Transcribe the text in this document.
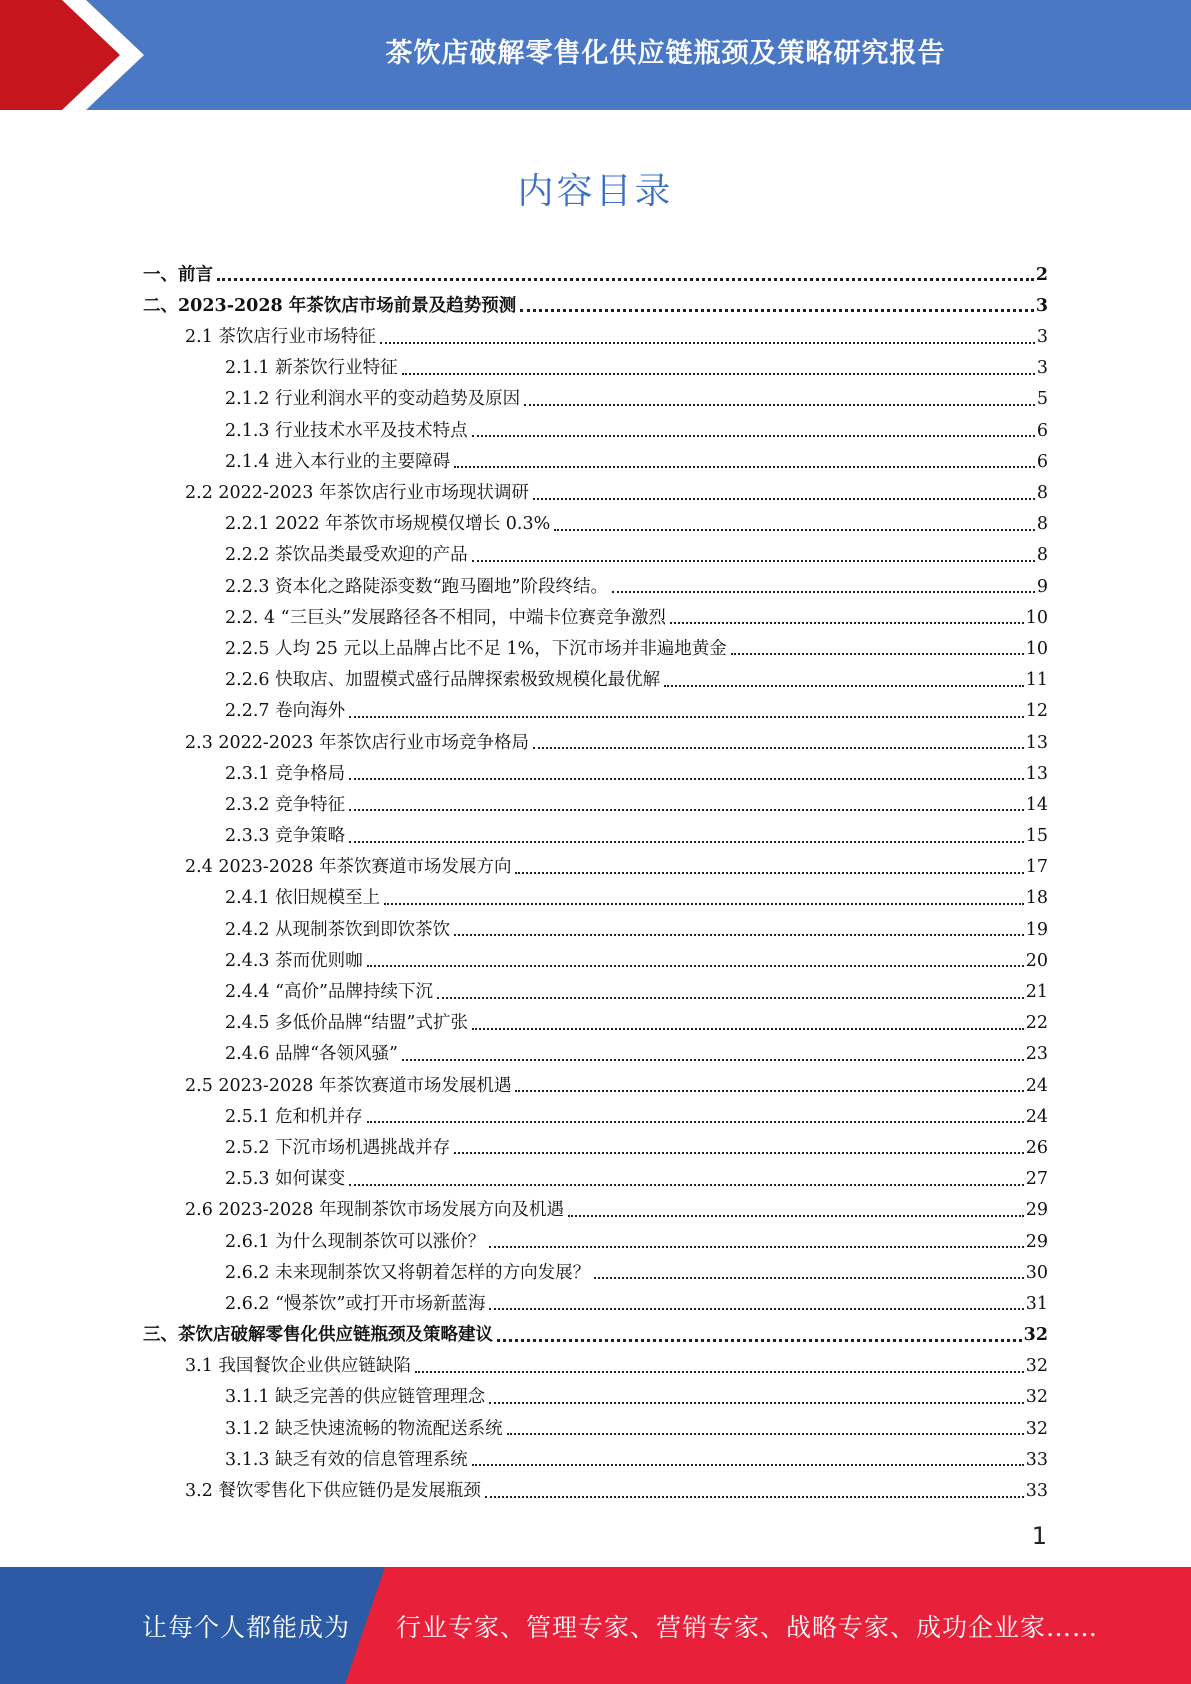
茶饮店破解零售化供应链瓶颈及策略研究报告
内容目录
一、前言	2
二、2023-2028 年茶饮店市场前景及趋势预测	3
2.1 茶饮店行业市场特征	3
2.1.1 新茶饮行业特征	3
2.1.2 行业利润水平的变动趋势及原因	5
2.1.3 行业技术水平及技术特点	6
2.1.4 进入本行业的主要障碍	6
2.2 2022-2023 年茶饮店行业市场现状调研	8
2.2.1 2022 年茶饮市场规模仅增长 0.3%	8
2.2.2 茶饮品类最受欢迎的产品	8
2.2.3 资本化之路陡添变数“跑马圈地”阶段终结。	9
2.2. 4 “三巨头”发展路径各不相同，中端卡位赛竞争激烈	10
2.2.5 人均 25 元以上品牌占比不足 1%，下沉市场并非遍地黄金	10
2.2.6 快取店、加盟模式盛行品牌探索极致规模化最优解	11
2.2.7 卷向海外	12
2.3 2022-2023 年茶饮店行业市场竞争格局	13
2.3.1 竞争格局	13
2.3.2 竞争特征	14
2.3.3 竞争策略	15
2.4 2023-2028 年茶饮赛道市场发展方向	17
2.4.1 依旧规模至上	18
2.4.2 从现制茶饮到即饮茶饮	19
2.4.3 茶而优则咖	20
2.4.4 “高价”品牌持续下沉	21
2.4.5 多低价品牌“结盟”式扩张	22
2.4.6 品牌“各领风骚”	23
2.5 2023-2028 年茶饮赛道市场发展机遇	24
2.5.1 危和机并存	24
2.5.2 下沉市场机遇挑战并存	26
2.5.3 如何谋变	27
2.6 2023-2028 年现制茶饮市场发展方向及机遇	29
2.6.1 为什么现制茶饮可以涨价？	29
2.6.2 未来现制茶饮又将朝着怎样的方向发展？	30
2.6.2 “慢茶饮”或打开市场新蓝海	31
三、茶饮店破解零售化供应链瓶颈及策略建议	32
3.1 我国餐饮企业供应链缺陷	32
3.1.1 缺乏完善的供应链管理理念	32
3.1.2 缺乏快速流畅的物流配送系统	32
3.1.3 缺乏有效的信息管理系统	33
3.2 餐饮零售化下供应链仍是发展瓶颈	33
1
让每个人都能成为 行业专家、管理专家、营销专家、战略专家、成功企业家……
